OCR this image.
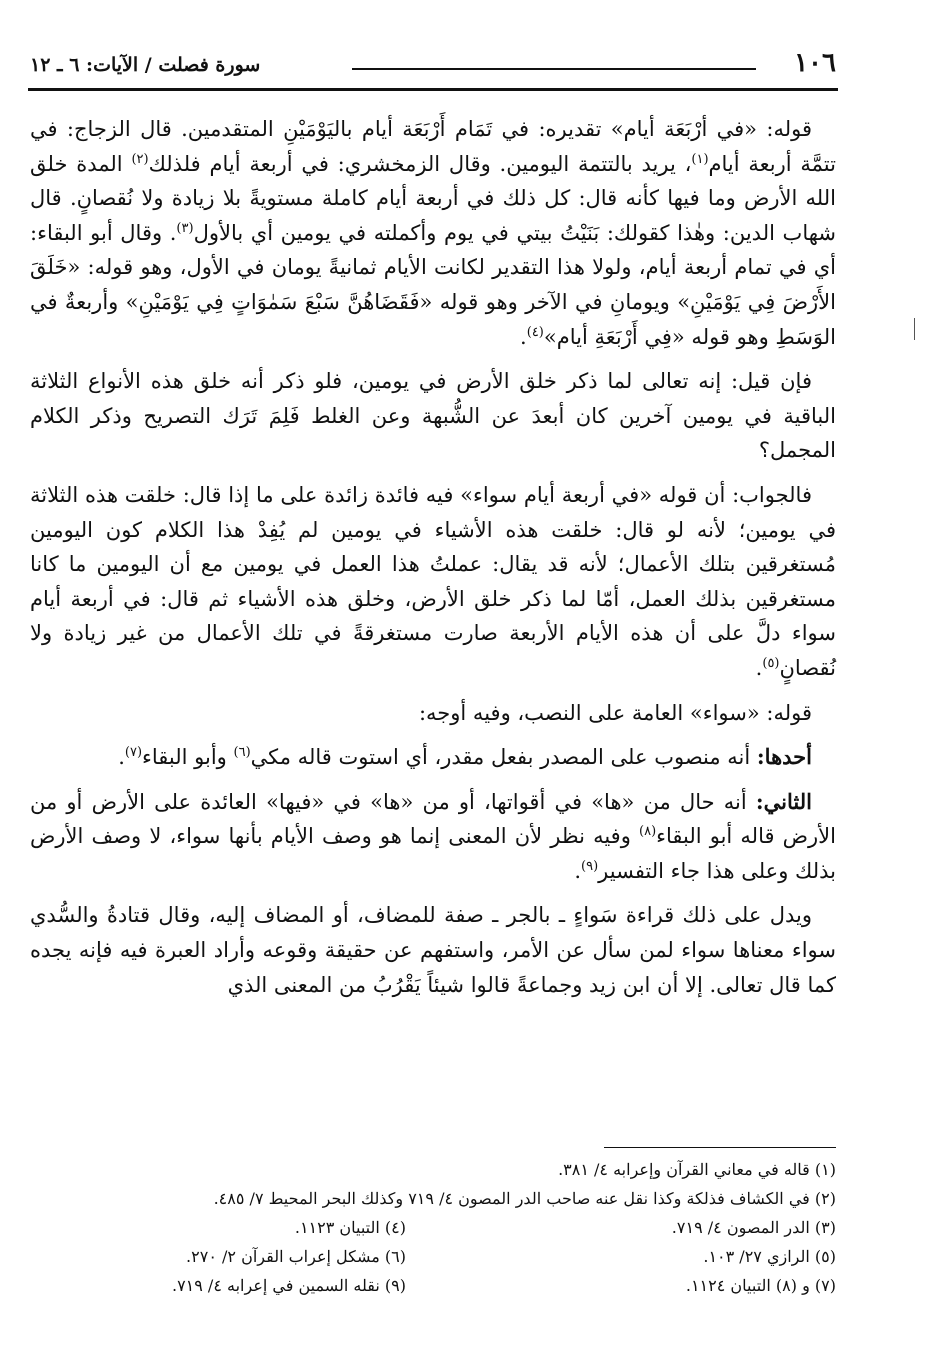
١٠٦
سورة فصلت / الآيات: ٦ ـ ١٢

قوله: «في أرْبَعَة أيام» تقديره: في تَمَام أَرْبَعَة أيام باليَوْمَيْنِ المتقدمين. قال الزجاج: في تتمَّة أربعة أيام$^{(١)}$، يريد بالتتمة اليومين. وقال الزمخشري: في أربعة أيام فلذلك$^{(٢)}$ المدة خلق الله الأرض وما فيها كأنه قال: كل ذلك في أربعة أيام كاملة مستويةً بلا زيادة ولا نُقصانٍ. قال شهاب الدين: وهٰذا كقولك: بَنَيْتُ بيتي في يوم وأكملته في يومين أي بالأول$^{(٣)}$. وقال أبو البقاء: أي في تمام أربعة أيام، ولولا هذا التقدير لكانت الأيام ثمانيةً يومان في الأول، وهو قوله: «خَلَقَ الأَرْضَ فِي يَوْمَيْنِ» ويومانِ في الآخر وهو قوله «فَقَضَاهُنَّ سَبْعَ سَمٰوَاتٍ فِي يَوْمَيْنِ» وأربعةٌ في الوَسَطِ وهو قوله «فِي أَرْبَعَةِ أيام»$^{(٤)}$.

فإن قيل: إنه تعالى لما ذكر خلق الأرض في يومين، فلو ذكر أنه خلق هذه الأنواع الثلاثة الباقية في يومين آخرين كان أبعدَ عن الشُّبهة وعن الغلط فَلِمَ تَرَك التصريح وذكر الكلام المجمل؟

فالجواب: أن قوله «في أربعة أيام سواء» فيه فائدة زائدة على ما إذا قال: خلقت هذه الثلاثة في يومين؛ لأنه لو قال: خلقت هذه الأشياء في يومين لم يُفِدْ هذا الكلام كون اليومين مُستغرقين بتلك الأعمال؛ لأنه قد يقال: عملتُ هذا العمل في يومين مع أن اليومين ما كانا مستغرقين بذلك العمل، أمّا لما ذكر خلق الأرض، وخلق هذه الأشياء ثم قال: في أربعة أيام سواء دلَّ على أن هذه الأيام الأربعة صارت مستغرقةً في تلك الأعمال من غير زيادة ولا نُقصانٍ$^{(٥)}$.

قوله: «سواء» العامة على النصب، وفيه أوجه:

أحدها: أنه منصوب على المصدر بفعل مقدر، أي استوت قاله مكي$^{(٦)}$ وأبو البقاء$^{(٧)}$.

الثاني: أنه حال من «ها» في أقواتها، أو من «ها» في «فيها» العائدة على الأرض أو من الأرض قاله أبو البقاء$^{(٨)}$ وفيه نظر لأن المعنى إنما هو وصف الأيام بأنها سواء، لا وصف الأرض بذلك وعلى هذا جاء التفسير$^{(٩)}$.

ويدل على ذلك قراءة سَواءٍ ـ بالجر ـ صفة للمضاف، أو المضاف إليه، وقال قتادةُ والسُّدي سواء معناها سواء لمن سأل عن الأمر، واستفهم عن حقيقة وقوعه وأراد العبرة فيه فإنه يجده كما قال تعالى. إلا أن ابن زيد وجماعةً قالوا شيئاً يَقْرُبُ من المعنى الذي

(١) قاله في معاني القرآن وإعرابه ٤/ ٣٨١.
(٢) في الكشاف فذلكة وكذا نقل عنه صاحب الدر المصون ٤/ ٧١٩ وكذلك البحر المحيط ٧/ ٤٨٥.
(٣) الدر المصون ٤/ ٧١٩.
(٤) التبيان ١١٢٣.
(٥) الرازي ٢٧/ ١٠٣.
(٦) مشكل إعراب القرآن ٢/ ٢٧٠.
(٧) و (٨) التبيان ١١٢٤.
(٩) نقله السمين في إعرابه ٤/ ٧١٩.
